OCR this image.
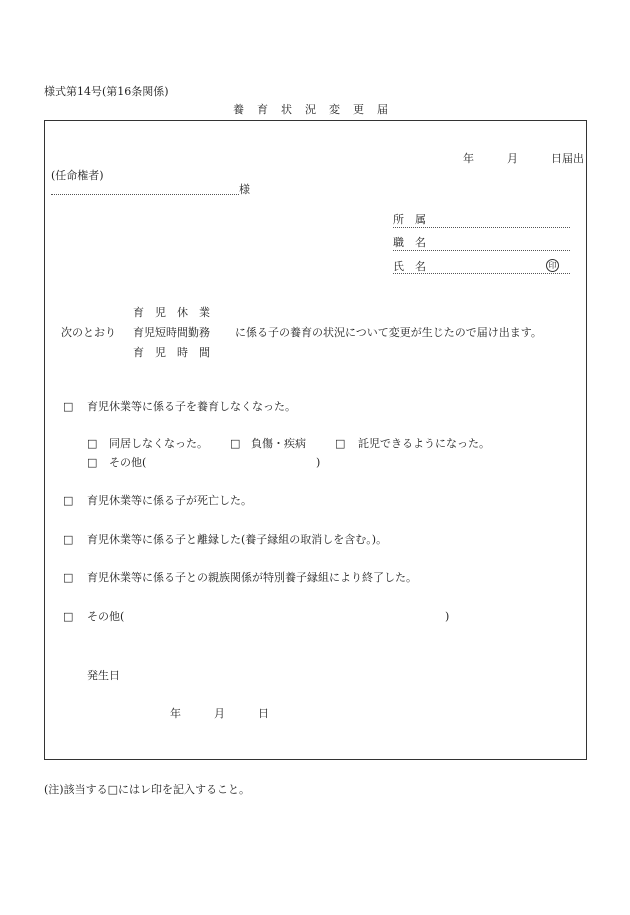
様式第14号(第16条関係)
養　育　状　況　変　更　届
年　　　月　　　日届出
(任命権者)
様
所　属
職　名
氏　名	印
育　児　休　業
次のとおり 育児短時間勤務 に係る子の養育の状況について変更が生じたので届け出ます。
育　児　時　間
□ 育児休業等に係る子を養育しなくなった。
□ 同居しなくなった。 □ 負傷・疾病	□ 託児できるようになった。
□ その他(	)
□ 育児休業等に係る子が死亡した。
□ 育児休業等に係る子と離縁した(養子縁組の取消しを含む。)。
□ 育児休業等に係る子との親族関係が特別養子縁組により終了した。
□ その他(	)
発生日
年　　　月　　　日
(注)該当する□にはレ印を記入すること。
